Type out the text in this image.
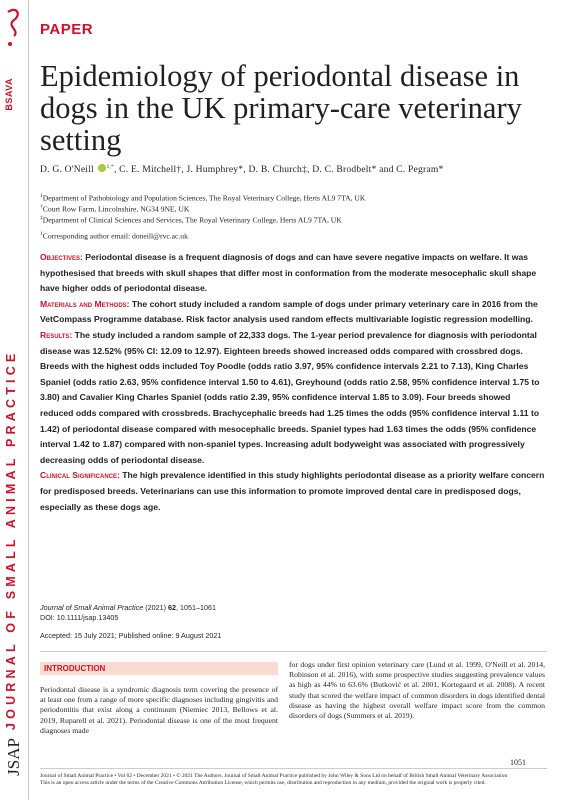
BSAVA
JOURNAL OF SMALL ANIMAL PRACTICE
JSAP
PAPER
Epidemiology of periodontal disease in dogs in the UK primary-care veterinary setting
D. G. O'Neill $^{1,*}$, C. E. Mitchell†, J. Humphrey*, D. B. Church‡, D. C. Brodbelt* and C. Pegram*
$^1$Department of Pathobiology and Population Sciences, The Royal Veterinary College, Herts AL9 7TA, UK
†Court Row Farm, Lincolnshire, NG34 9NE, UK
‡Department of Clinical Sciences and Services, The Royal Veterinary College, Herts AL9 7TA, UK
$^1$Corresponding author email: doneill@rvc.ac.uk

Objectives: Periodontal disease is a frequent diagnosis of dogs and can have severe negative impacts on welfare. It was hypothesised that breeds with skull shapes that differ most in conformation from the moderate mesocephalic skull shape have higher odds of periodontal disease.

Materials and Methods: The cohort study included a random sample of dogs under primary veterinary care in 2016 from the VetCompass Programme database. Risk factor analysis used random effects multivariable logistic regression modelling.

Results: The study included a random sample of 22,333 dogs. The 1-year period prevalence for diagnosis with periodontal disease was 12.52% (95% CI: 12.09 to 12.97). Eighteen breeds showed increased odds compared with crossbred dogs. Breeds with the highest odds included Toy Poodle (odds ratio 3.97, 95% confidence intervals 2.21 to 7.13), King Charles Spaniel (odds ratio 2.63, 95% confidence interval 1.50 to 4.61), Greyhound (odds ratio 2.58, 95% confidence interval 1.75 to 3.80) and Cavalier King Charles Spaniel (odds ratio 2.39, 95% confidence interval 1.85 to 3.09). Four breeds showed reduced odds compared with crossbreds. Brachycephalic breeds had 1.25 times the odds (95% confidence interval 1.11 to 1.42) of periodontal disease compared with mesocephalic breeds. Spaniel types had 1.63 times the odds (95% confidence interval 1.42 to 1.87) compared with non-spaniel types. Increasing adult bodyweight was associated with progressively decreasing odds of periodontal disease.

Clinical Significance: The high prevalence identified in this study highlights periodontal disease as a priority welfare concern for predisposed breeds. Veterinarians can use this information to promote improved dental care in predisposed dogs, especially as these dogs age.

Journal of Small Animal Practice (2021) 62, 1051–1061
DOI: 10.1111/jsap.13405
Accepted: 15 July 2021; Published online: 9 August 2021
INTRODUCTION
Periodontal disease is a syndromic diagnosis term covering the presence of at least one from a range of more specific diagnoses including gingivitis and periodontitis that exist along a continuum (Niemiec 2013, Bellows et al. 2019, Ruparell et al. 2021). Periodontal disease is one of the most frequent diagnoses made
for dogs under first opinion veterinary care (Lund et al. 1999, O'Neill et al. 2014, Robinson et al. 2016), with some prospective studies suggesting prevalence values as high as 44% to 63.6% (Butković et al. 2001, Kortegaard et al. 2008). A recent study that scored the welfare impact of common disorders in dogs identified dental disease as having the highest overall welfare impact score from the common disorders of dogs (Summers et al. 2019).
1051
Journal of Small Animal Practice • Vol 62 • December 2021 • © 2021 The Authors. Journal of Small Animal Practice published by John Wiley & Sons Ltd on behalf of British Small Animal Veterinary Association
This is an open access article under the terms of the Creative Commons Attribution License, which permits use, distribution and reproduction in any medium, provided the original work is properly cited.
